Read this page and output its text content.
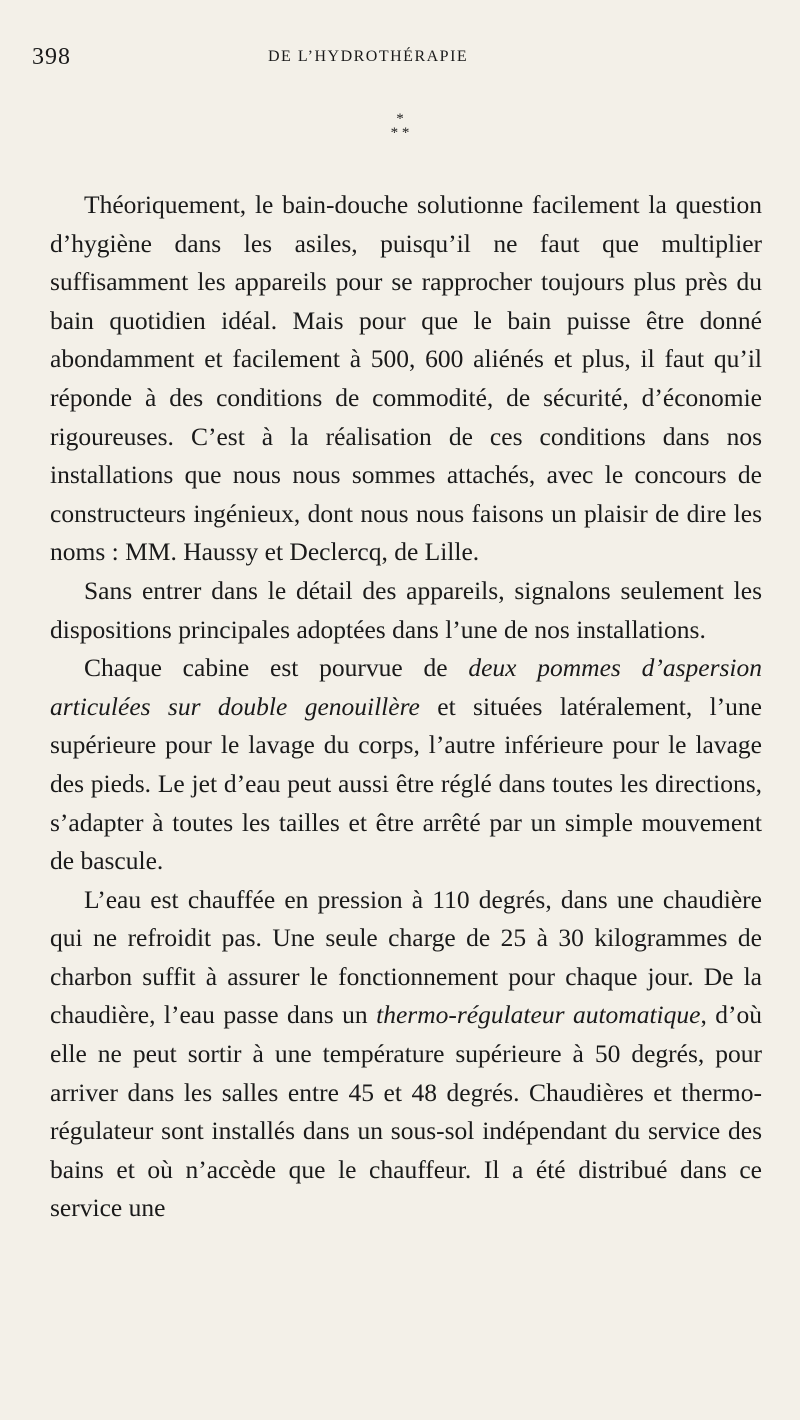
398	DE L’HYDROTHÉRAPIE
*
* *

Théoriquement, le bain-douche solutionne facilement la question d’hygiène dans les asiles, puisqu’il ne faut que multiplier suffisamment les appareils pour se rapprocher toujours plus près du bain quotidien idéal. Mais pour que le bain puisse être donné abondamment et facilement à 500, 600 aliénés et plus, il faut qu’il réponde à des conditions de commodité, de sécurité, d’économie rigoureuses. C’est à la réalisation de ces conditions dans nos installations que nous nous sommes attachés, avec le concours de constructeurs ingénieux, dont nous nous faisons un plaisir de dire les noms : MM. Haussy et Declercq, de Lille.

Sans entrer dans le détail des appareils, signalons seulement les dispositions principales adoptées dans l’une de nos installations.

Chaque cabine est pourvue de deux pommes d’aspersion articulées sur double genouillère et situées latéralement, l’une supérieure pour le lavage du corps, l’autre inférieure pour le lavage des pieds. Le jet d’eau peut aussi être réglé dans toutes les directions, s’adapter à toutes les tailles et être arrêté par un simple mouvement de bascule.

L’eau est chauffée en pression à 110 degrés, dans une chaudière qui ne refroidit pas. Une seule charge de 25 à 30 kilogrammes de charbon suffit à assurer le fonctionnement pour chaque jour. De la chaudière, l’eau passe dans un thermo-régulateur automatique, d’où elle ne peut sortir à une température supérieure à 50 degrés, pour arriver dans les salles entre 45 et 48 degrés. Chaudières et thermo-régulateur sont installés dans un sous-sol indépendant du service des bains et où n’accède que le chauffeur. Il a été distribué dans ce service une
